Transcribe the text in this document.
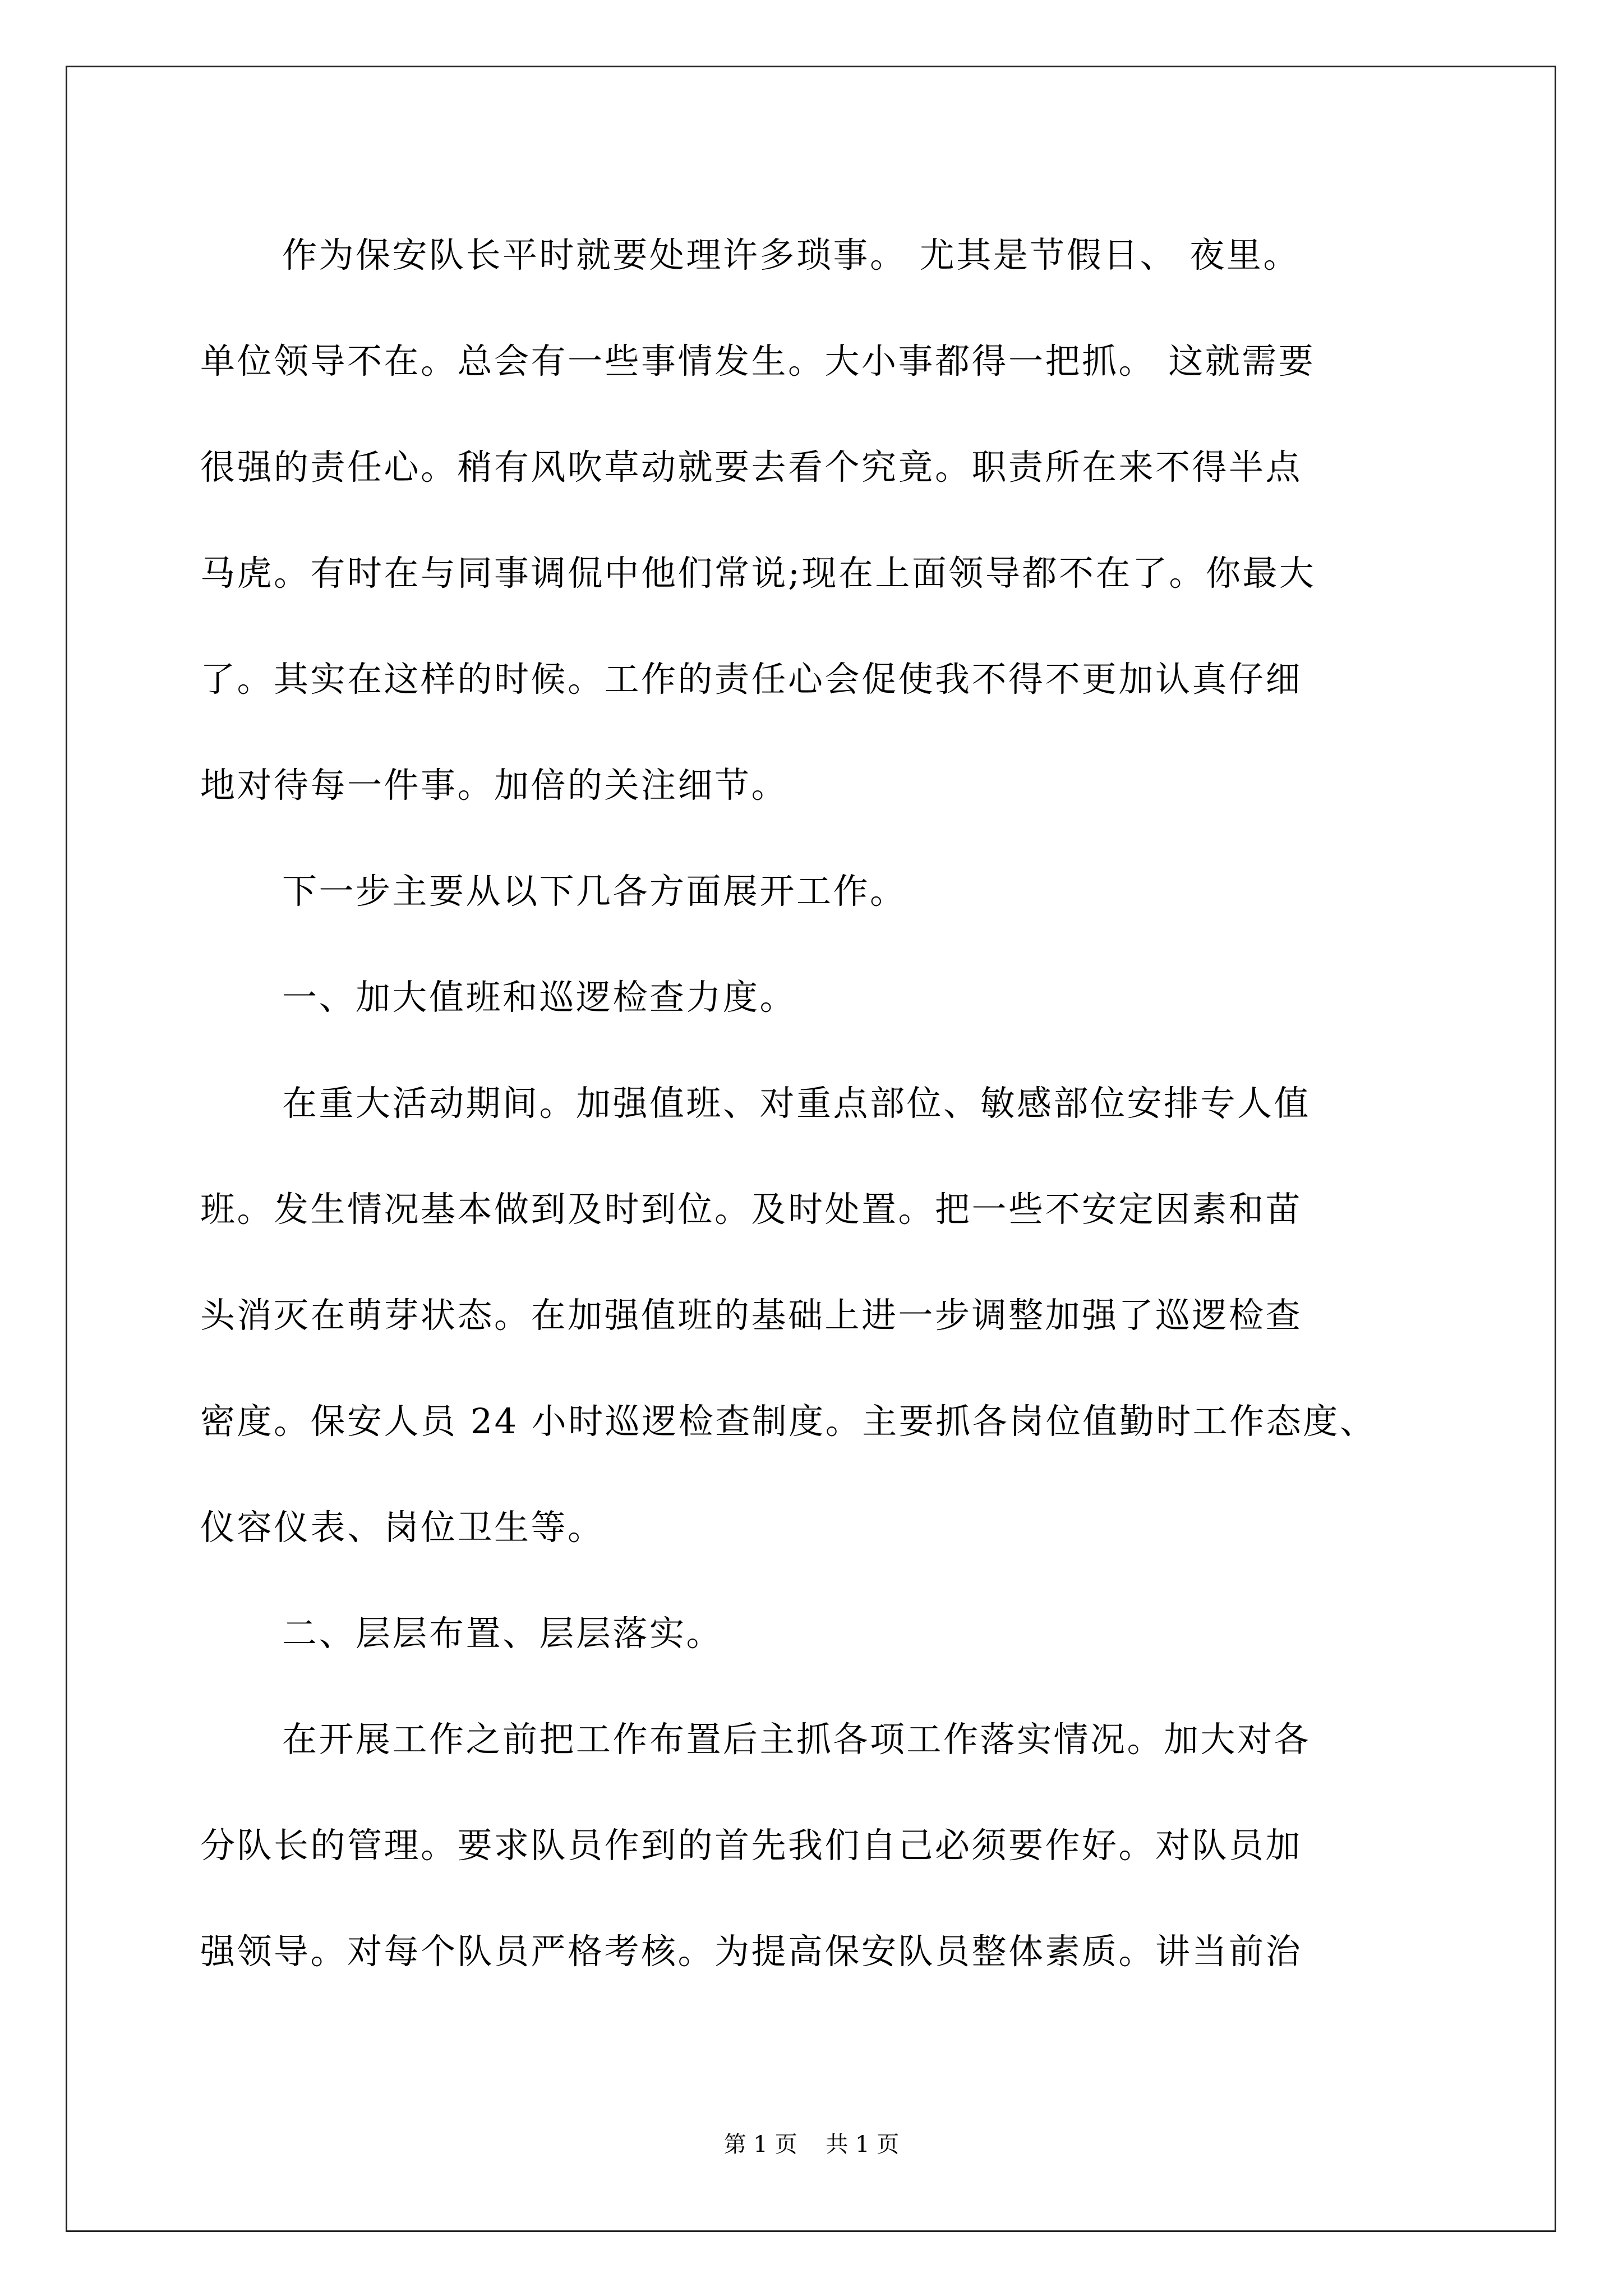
作为保安队长平时就要处理许多琐事。 尤其是节假日、 夜里。
单位领导不在。总会有一些事情发生。大小事都得一把抓。 这就需要
很强的责任心。稍有风吹草动就要去看个究竟。职责所在来不得半点
马虎。有时在与同事调侃中他们常说;现在上面领导都不在了。你最大
了。其实在这样的时候。工作的责任心会促使我不得不更加认真仔细
地对待每一件事。加倍的关注细节。
下一步主要从以下几各方面展开工作。
一、加大值班和巡逻检查力度。
在重大活动期间。加强值班、对重点部位、敏感部位安排专人值
班。发生情况基本做到及时到位。及时处置。把一些不安定因素和苗
头消灭在萌芽状态。在加强值班的基础上进一步调整加强了巡逻检查
密度。保安人员 24 小时巡逻检查制度。主要抓各岗位值勤时工作态度、
仪容仪表、岗位卫生等。
二、层层布置、层层落实。
在开展工作之前把工作布置后主抓各项工作落实情况。加大对各
分队长的管理。要求队员作到的首先我们自己必须要作好。对队员加
强领导。对每个队员严格考核。为提高保安队员整体素质。讲当前治
第 1 页    共 1 页
